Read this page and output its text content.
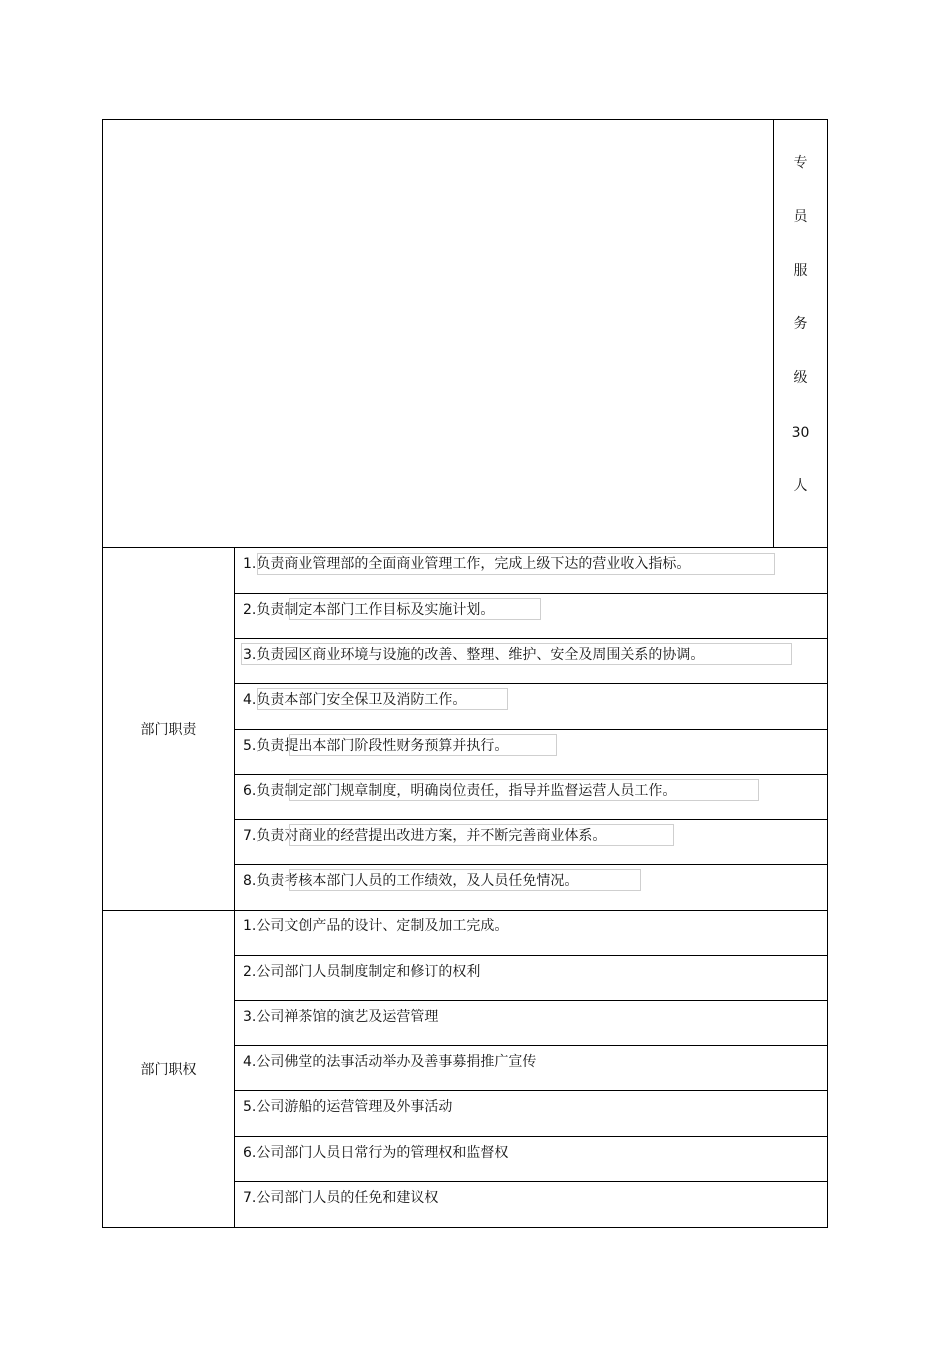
专
员
服
务
级
30
人
部门职责
1.负责商业管理部的全面商业管理工作，完成上级下达的营业收入指标。
2.负责制定本部门工作目标及实施计划。
3.负责园区商业环境与设施的改善、整理、维护、安全及周围关系的协调。
4.负责本部门安全保卫及消防工作。
5.负责提出本部门阶段性财务预算并执行。
6.负责制定部门规章制度，明确岗位责任，指导并监督运营人员工作。
7.负责对商业的经营提出改进方案，并不断完善商业体系。
8.负责考核本部门人员的工作绩效，及人员任免情况。
部门职权
1.公司文创产品的设计、定制及加工完成。
2.公司部门人员制度制定和修订的权利
3.公司禅茶馆的演艺及运营管理
4.公司佛堂的法事活动举办及善事募捐推广宣传
5.公司游船的运营管理及外事活动
6.公司部门人员日常行为的管理权和监督权
7.公司部门人员的任免和建议权
